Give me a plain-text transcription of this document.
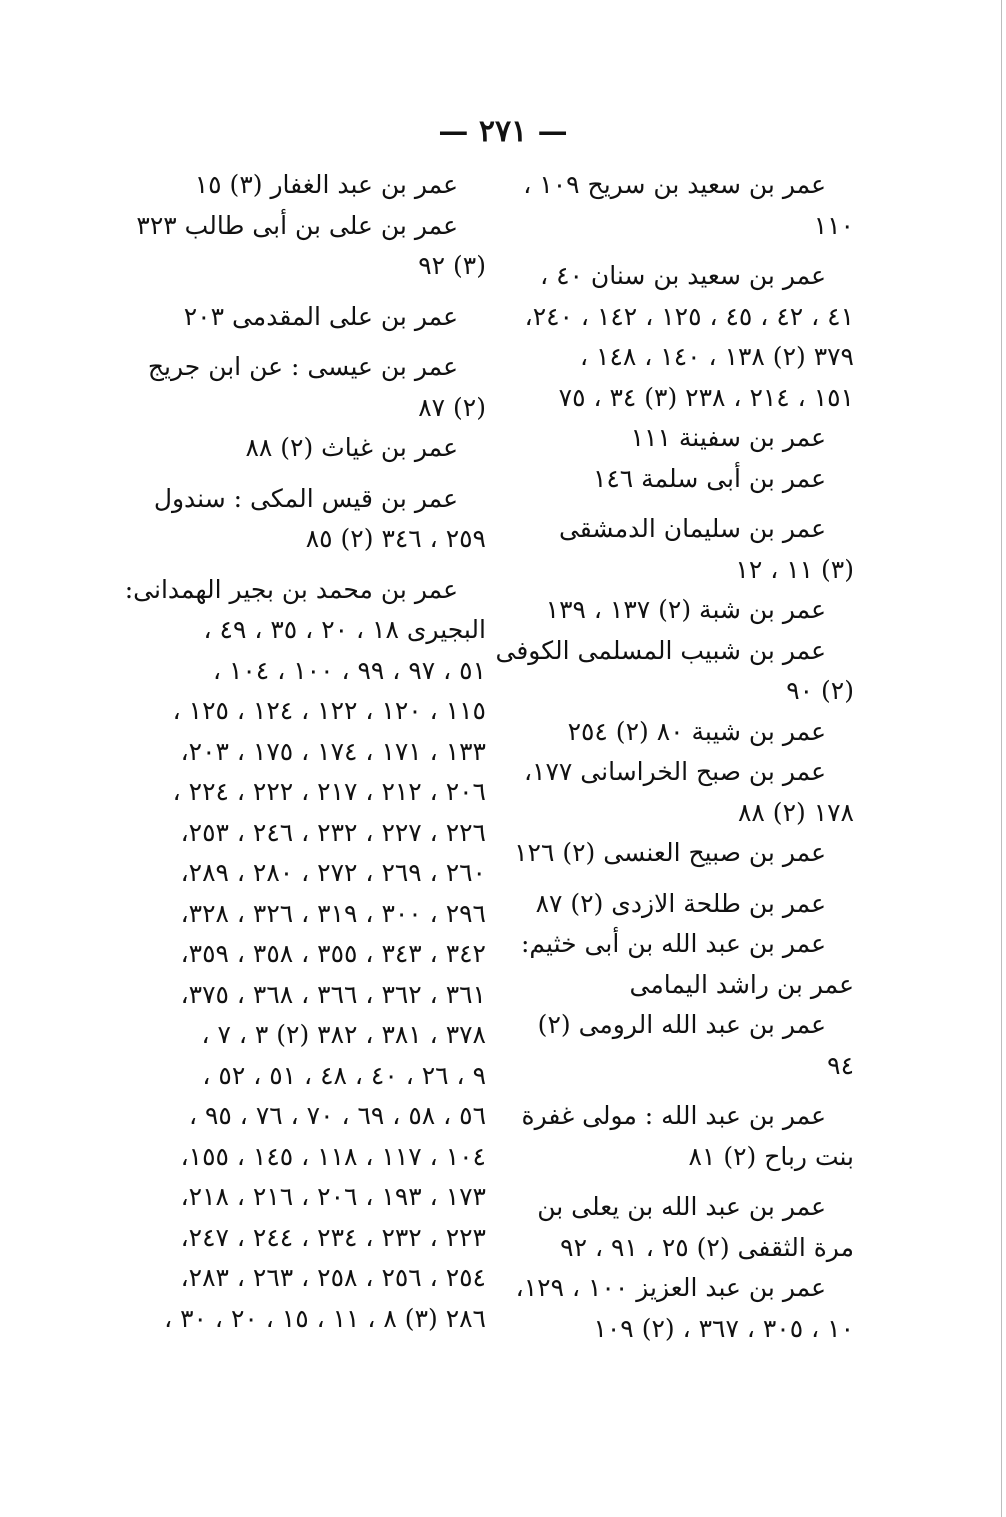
— ٢٧١ —
عمر بن سعيد بن سريح ١٠٩ ،
١١٠
عمر بن سعيد بن سنان ٤٠ ،
٤١ ، ٤٢ ، ٤٥ ، ١٢٥ ، ١٤٢ ، ٢٤٠،
٣٧٩ (٢) ١٣٨ ، ١٤٠ ، ١٤٨ ،
١٥١ ، ٢١٤ ، ٢٣٨ (٣) ٣٤ ، ٧٥
عمر بن سفينة ١١١
عمر بن أبى سلمة ١٤٦
عمر بن سليمان الدمشقى
(٣) ١١ ، ١٢
عمر بن شبة (٢) ١٣٧ ، ١٣٩
عمر بن شبيب المسلمى الكوفى
(٢) ٩٠
عمر بن شيبة ٨٠ (٢) ٢٥٤
عمر بن صبح الخراسانى ١٧٧،
١٧٨ (٢) ٨٨
عمر بن صبيح العنسى (٢) ١٢٦
عمر بن طلحة الازدى (٢) ٨٧
عمر بن عبد الله بن أبى خثيم:
عمر بن راشد اليمامى
عمر بن عبد الله الرومى (٢)
٩٤
عمر بن عبد الله : مولى غفرة
بنت رباح (٢) ٨١
عمر بن عبد الله بن يعلى بن
مرة الثقفى (٢) ٢٥ ، ٩١ ، ٩٢
عمر بن عبد العزيز ١٠٠ ، ١٢٩،
١٠ ، ٣٠٥ ، ٣٦٧ ، (٢) ١٠٩
عمر بن عبد الغفار (٣) ١٥
عمر بن على بن أبى طالب ٣٢٣
(٣) ٩٢
عمر بن على المقدمى ٢٠٣
عمر بن عيسى : عن ابن جريج
(٢) ٨٧
عمر بن غياث (٢) ٨٨
عمر بن قيس المكى : سندول
٢٥٩ ، ٣٤٦ (٢) ٨٥
عمر بن محمد بن بجير الهمدانى:
البجيرى ١٨ ، ٢٠ ، ٣٥ ، ٤٩ ،
٥١ ، ٩٧ ، ٩٩ ، ١٠٠ ، ١٠٤ ،
١١٥ ، ١٢٠ ، ١٢٢ ، ١٢٤ ، ١٢٥ ،
١٣٣ ، ١٧١ ، ١٧٤ ، ١٧٥ ، ٢٠٣،
٢٠٦ ، ٢١٢ ، ٢١٧ ، ٢٢٢ ، ٢٢٤ ،
٢٢٦ ، ٢٢٧ ، ٢٣٢ ، ٢٤٦ ، ٢٥٣،
٢٦٠ ، ٢٦٩ ، ٢٧٢ ، ٢٨٠ ، ٢٨٩،
٢٩٦ ، ٣٠٠ ، ٣١٩ ، ٣٢٦ ، ٣٢٨،
٣٤٢ ، ٣٤٣ ، ٣٥٥ ، ٣٥٨ ، ٣٥٩،
٣٦١ ، ٣٦٢ ، ٣٦٦ ، ٣٦٨ ، ٣٧٥،
٣٧٨ ، ٣٨١ ، ٣٨٢ (٢) ٣ ، ٧ ،
٩ ، ٢٦ ، ٤٠ ، ٤٨ ، ٥١ ، ٥٢ ،
٥٦ ، ٥٨ ، ٦٩ ، ٧٠ ، ٧٦ ، ٩٥ ،
١٠٤ ، ١١٧ ، ١١٨ ، ١٤٥ ، ١٥٥،
١٧٣ ، ١٩٣ ، ٢٠٦ ، ٢١٦ ، ٢١٨،
٢٢٣ ، ٢٣٢ ، ٢٣٤ ، ٢٤٤ ، ٢٤٧،
٢٥٤ ، ٢٥٦ ، ٢٥٨ ، ٢٦٣ ، ٢٨٣،
٢٨٦ (٣) ٨ ، ١١ ، ١٥ ، ٢٠ ، ٣٠ ،
